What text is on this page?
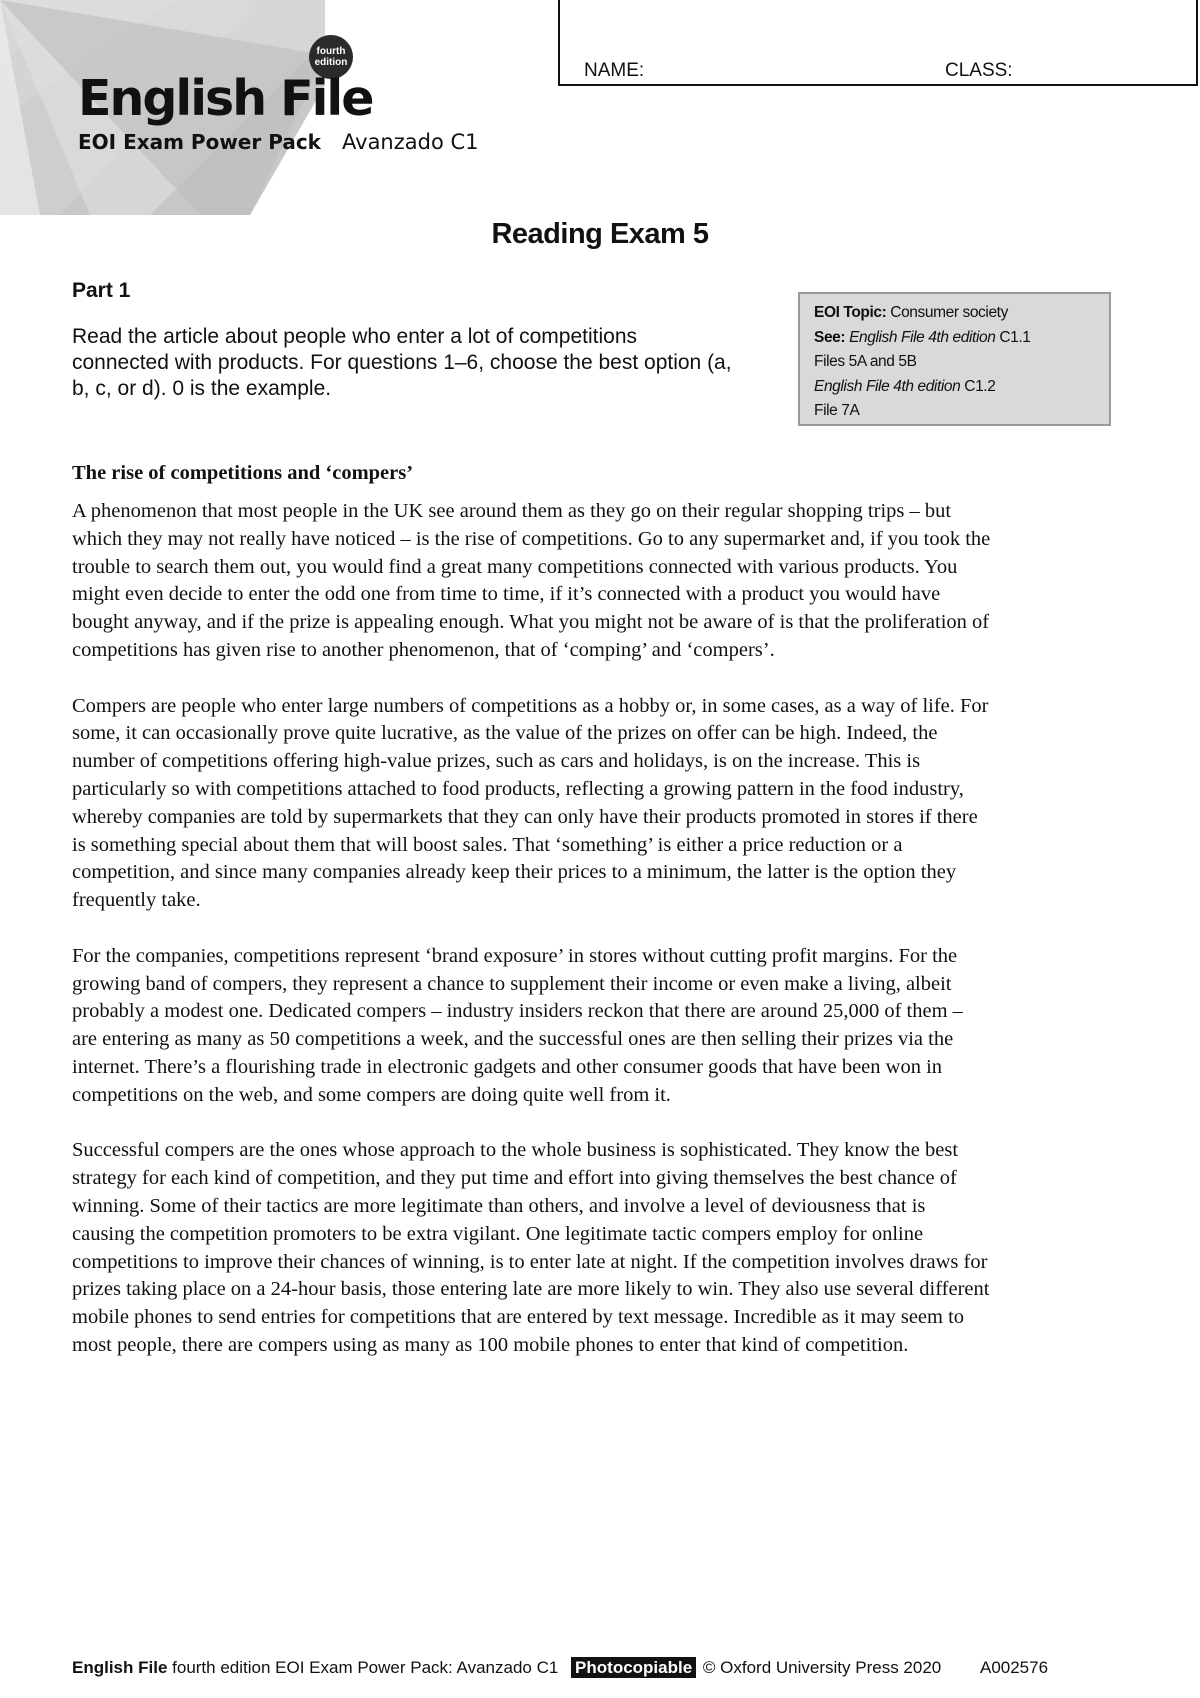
fourth
edition
English File
EOI Exam Power Pack Avanzado C1
NAME:	CLASS:
Reading Exam 5
Part 1
Read the article about people who enter a lot of competitions connected with products. For questions 1–6, choose the best option (a, b, c, or d). 0 is the example.
EOI Topic: Consumer society
See: English File 4th edition C1.1
Files 5A and 5B
English File 4th edition C1.2
File 7A
The rise of competitions and ‘compers’

A phenomenon that most people in the UK see around them as they go on their regular shopping trips – but which they may not really have noticed – is the rise of competitions. Go to any supermarket and, if you took the trouble to search them out, you would find a great many competitions connected with various products. You might even decide to enter the odd one from time to time, if it’s connected with a product you would have bought anyway, and if the prize is appealing enough. What you might not be aware of is that the proliferation of competitions has given rise to another phenomenon, that of ‘comping’ and ‘compers’.

Compers are people who enter large numbers of competitions as a hobby or, in some cases, as a way of life. For some, it can occasionally prove quite lucrative, as the value of the prizes on offer can be high. Indeed, the number of competitions offering high-value prizes, such as cars and holidays, is on the increase. This is particularly so with competitions attached to food products, reflecting a growing pattern in the food industry, whereby companies are told by supermarkets that they can only have their products promoted in stores if there is something special about them that will boost sales. That ‘something’ is either a price reduction or a competition, and since many companies already keep their prices to a minimum, the latter is the option they frequently take.

For the companies, competitions represent ‘brand exposure’ in stores without cutting profit margins. For the growing band of compers, they represent a chance to supplement their income or even make a living, albeit probably a modest one. Dedicated compers – industry insiders reckon that there are around 25,000 of them – are entering as many as 50 competitions a week, and the successful ones are then selling their prizes via the internet. There’s a flourishing trade in electronic gadgets and other consumer goods that have been won in competitions on the web, and some compers are doing quite well from it.

Successful compers are the ones whose approach to the whole business is sophisticated. They know the best strategy for each kind of competition, and they put time and effort into giving themselves the best chance of winning. Some of their tactics are more legitimate than others, and involve a level of deviousness that is causing the competition promoters to be extra vigilant. One legitimate tactic compers employ for online competitions to improve their chances of winning, is to enter late at night. If the competition involves draws for prizes taking place on a 24-hour basis, those entering late are more likely to win. They also use several different mobile phones to send entries for competitions that are entered by text message. Incredible as it may seem to most people, there are compers using as many as 100 mobile phones to enter that kind of competition.

English File fourth edition EOI Exam Power Pack: Avanzado C1 Photocopiable © Oxford University Press 2020 A002576
